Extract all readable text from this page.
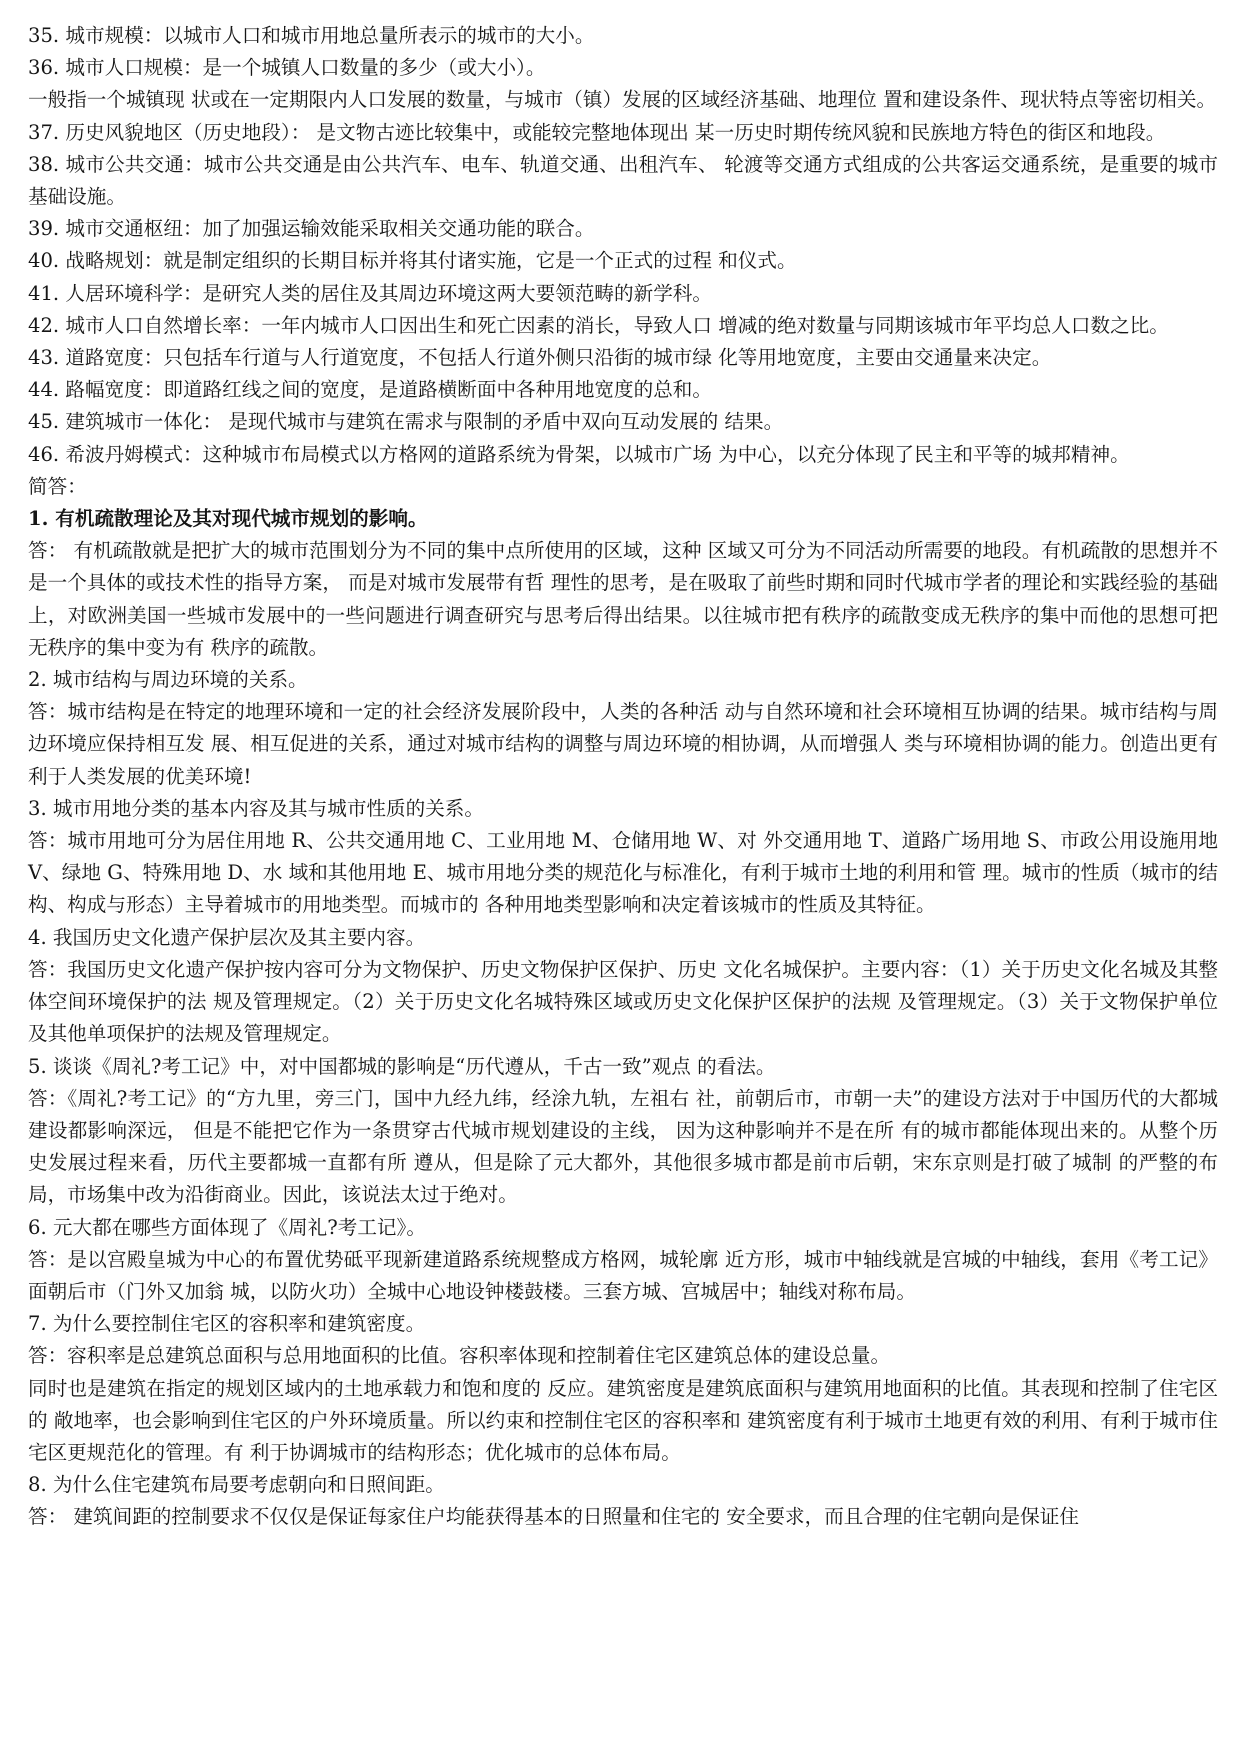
35. 城市规模：以城市人口和城市用地总量所表示的城市的大小。

36. 城市人口规模：是一个城镇人口数量的多少（或大小）。

一般指一个城镇现 状或在一定期限内人口发展的数量，与城市（镇）发展的区域经济基础、地理位 置和建设条件、现状特点等密切相关。

37. 历史风貌地区（历史地段）： 是文物古迹比较集中，或能较完整地体现出 某一历史时期传统风貌和民族地方特色的街区和地段。

38. 城市公共交通：城市公共交通是由公共汽车、电车、轨道交通、出租汽车、 轮渡等交通方式组成的公共客运交通系统，是重要的城市基础设施。

39. 城市交通枢纽：加了加强运输效能采取相关交通功能的联合。

40. 战略规划：就是制定组织的长期目标并将其付诸实施，它是一个正式的过程 和仪式。

41. 人居环境科学：是研究人类的居住及其周边环境这两大要领范畴的新学科。

42. 城市人口自然增长率：一年内城市人口因出生和死亡因素的消长，导致人口 增减的绝对数量与同期该城市年平均总人口数之比。

43. 道路宽度：只包括车行道与人行道宽度，不包括人行道外侧只沿街的城市绿 化等用地宽度，主要由交通量来决定。

44. 路幅宽度：即道路红线之间的宽度，是道路横断面中各种用地宽度的总和。

45. 建筑城市一体化： 是现代城市与建筑在需求与限制的矛盾中双向互动发展的 结果。

46. 希波丹姆模式：这种城市布局模式以方格网的道路系统为骨架，以城市广场 为中心，以充分体现了民主和平等的城邦精神。

简答：

1. 有机疏散理论及其对现代城市规划的影响。

答： 有机疏散就是把扩大的城市范围划分为不同的集中点所使用的区域，这种 区域又可分为不同活动所需要的地段。有机疏散的思想并不是一个具体的或技术性的指导方案， 而是对城市发展带有哲 理性的思考，是在吸取了前些时期和同时代城市学者的理论和实践经验的基础 上，对欧洲美国一些城市发展中的一些问题进行调查研究与思考后得出结果。以往城市把有秩序的疏散变成无秩序的集中而他的思想可把无秩序的集中变为有 秩序的疏散。

2. 城市结构与周边环境的关系。

答：城市结构是在特定的地理环境和一定的社会经济发展阶段中，人类的各种活 动与自然环境和社会环境相互协调的结果。城市结构与周边环境应保持相互发 展、相互促进的关系，通过对城市结构的调整与周边环境的相协调，从而增强人 类与环境相协调的能力。创造出更有利于人类发展的优美环境!

3. 城市用地分类的基本内容及其与城市性质的关系。

答：城市用地可分为居住用地 R、公共交通用地 C、工业用地 M、仓储用地 W、对 外交通用地 T、道路广场用地 S、市政公用设施用地 V、绿地 G、特殊用地 D、水 域和其他用地 E、城市用地分类的规范化与标准化，有利于城市土地的利用和管 理。城市的性质（城市的结构、构成与形态）主导着城市的用地类型。而城市的 各种用地类型影响和决定着该城市的性质及其特征。

4. 我国历史文化遗产保护层次及其主要内容。

答：我国历史文化遗产保护按内容可分为文物保护、历史文物保护区保护、历史 文化名城保护。主要内容：（1）关于历史文化名城及其整体空间环境保护的法 规及管理规定。（2）关于历史文化名城特殊区域或历史文化保护区保护的法规 及管理规定。（3）关于文物保护单位及其他单项保护的法规及管理规定。

5. 谈谈《周礼?考工记》中，对中国都城的影响是“历代遵从，千古一致”观点 的看法。

答：《周礼?考工记》的“方九里，旁三门，国中九经九纬，经涂九轨，左祖右 社，前朝后市，市朝一夫”的建设方法对于中国历代的大都城建设都影响深远， 但是不能把它作为一条贯穿古代城市规划建设的主线， 因为这种影响并不是在所 有的城市都能体现出来的。从整个历史发展过程来看，历代主要都城一直都有所 遵从，但是除了元大都外，其他很多城市都是前市后朝，宋东京则是打破了城制 的严整的布局，市场集中改为沿街商业。因此，该说法太过于绝对。

6. 元大都在哪些方面体现了《周礼?考工记》。

答：是以宫殿皇城为中心的布置优势砥平现新建道路系统规整成方格网，城轮廓 近方形，城市中轴线就是宫城的中轴线，套用《考工记》面朝后市（门外又加翁 城，以防火功）全城中心地设钟楼鼓楼。三套方城、宫城居中；轴线对称布局。

7. 为什么要控制住宅区的容积率和建筑密度。

答：容积率是总建筑总面积与总用地面积的比值。容积率体现和控制着住宅区建筑总体的建设总量。

同时也是建筑在指定的规划区域内的土地承载力和饱和度的 反应。建筑密度是建筑底面积与建筑用地面积的比值。其表现和控制了住宅区的 敞地率，也会影响到住宅区的户外环境质量。所以约束和控制住宅区的容积率和 建筑密度有利于城市土地更有效的利用、有利于城市住宅区更规范化的管理。有 利于协调城市的结构形态；优化城市的总体布局。

8. 为什么住宅建筑布局要考虑朝向和日照间距。

答： 建筑间距的控制要求不仅仅是保证每家住户均能获得基本的日照量和住宅的 安全要求，而且合理的住宅朝向是保证住
